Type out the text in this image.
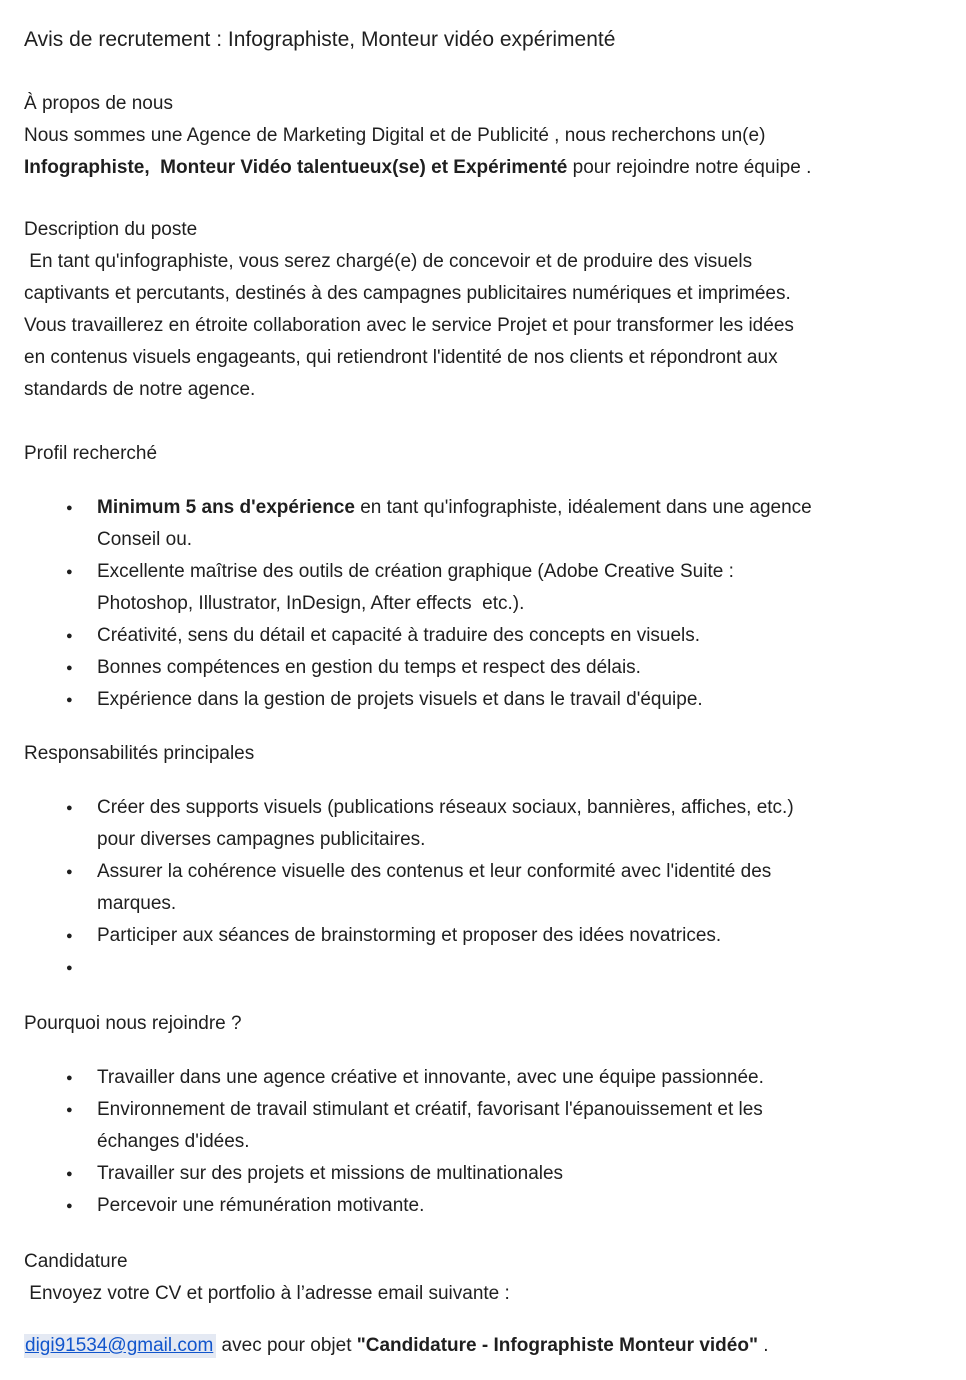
Avis de recrutement : Infographiste, Monteur vidéo expérimenté
À propos de nous
Nous sommes une Agence de Marketing Digital et de Publicité , nous recherchons un(e)
Infographiste,  Monteur Vidéo talentueux(se) et Expérimenté pour rejoindre notre équipe .
Description du poste
En tant qu'infographiste, vous serez chargé(e) de concevoir et de produire des visuels
captivants et percutants, destinés à des campagnes publicitaires numériques et imprimées.
Vous travaillerez en étroite collaboration avec le service Projet et pour transformer les idées
en contenus visuels engageants, qui retiendront l'identité de nos clients et répondront aux
standards de notre agence.
Profil recherché
●	Minimum 5 ans d'expérience en tant qu'infographiste, idéalement dans une agence
Conseil ou.
●	Excellente maîtrise des outils de création graphique (Adobe Creative Suite :
Photoshop, Illustrator, InDesign, After effects  etc.).
●	Créativité, sens du détail et capacité à traduire des concepts en visuels.
●	Bonnes compétences en gestion du temps et respect des délais.
●	Expérience dans la gestion de projets visuels et dans le travail d'équipe.
Responsabilités principales
●	Créer des supports visuels (publications réseaux sociaux, bannières, affiches, etc.)
pour diverses campagnes publicitaires.
●	Assurer la cohérence visuelle des contenus et leur conformité avec l'identité des
marques.
●	Participer aux séances de brainstorming et proposer des idées novatrices.
●
Pourquoi nous rejoindre ?
●	Travailler dans une agence créative et innovante, avec une équipe passionnée.
●	Environnement de travail stimulant et créatif, favorisant l'épanouissement et les
échanges d'idées.
●	Travailler sur des projets et missions de multinationales
●	Percevoir une rémunération motivante.
Candidature
Envoyez votre CV et portfolio à l’adresse email suivante :
digi91534@gmail.com avec pour objet "Candidature - Infographiste Monteur vidéo" .
